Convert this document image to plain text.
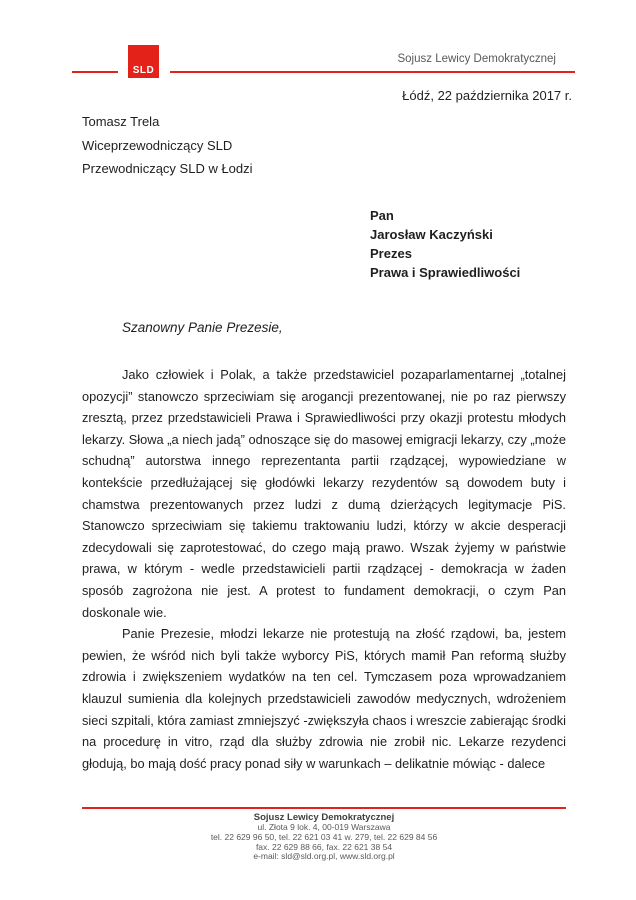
SLD
Sojusz Lewicy Demokratycznej
Łódź, 22 października 2017 r.
Tomasz Trela
Wiceprzewodniczący SLD
Przewodniczący SLD w Łodzi
Pan
Jarosław Kaczyński
Prezes
Prawa i Sprawiedliwości
Szanowny Panie Prezesie,

Jako człowiek i Polak, a także przedstawiciel pozaparlamentarnej „totalnej opozycji” stanowczo sprzeciwiam się arogancji prezentowanej, nie po raz pierwszy zresztą, przez przedstawicieli Prawa i Sprawiedliwości przy okazji protestu młodych lekarzy. Słowa „a niech jadą” odnoszące się do masowej emigracji lekarzy, czy „może schudną” autorstwa innego reprezentanta partii rządzącej, wypowiedziane w kontekście przedłużającej się głodówki lekarzy rezydentów są dowodem buty i chamstwa prezentowanych przez ludzi z dumą dzierżących legitymacje PiS. Stanowczo sprzeciwiam się takiemu traktowaniu ludzi, którzy w akcie desperacji zdecydowali się zaprotestować, do czego mają prawo. Wszak żyjemy w państwie prawa, w którym - wedle przedstawicieli partii rządzącej - demokracja w żaden sposób zagrożona nie jest. A protest to fundament demokracji, o czym Pan doskonale wie.

Panie Prezesie, młodzi lekarze nie protestują na złość rządowi, ba, jestem pewien, że wśród nich byli także wyborcy PiS, których mamił Pan reformą służby zdrowia i zwiększeniem wydatków na ten cel. Tymczasem poza wprowadzaniem klauzul sumienia dla kolejnych przedstawicieli zawodów medycznych, wdrożeniem sieci szpitali, która zamiast zmniejszyć -zwiększyła chaos i wreszcie zabierając środki na procedurę in vitro, rząd dla służby zdrowia nie zrobił nic. Lekarze rezydenci głodują, bo mają dość pracy ponad siły w warunkach – delikatnie mówiąc - dalece

Sojusz Lewicy Demokratycznej
ul. Złota 9 lok. 4, 00-019 Warszawa
tel. 22 629 96 50, tel. 22 621 03 41 w. 279, tel. 22 629 84 56
fax. 22 629 88 66, fax. 22 621 38 54
e-mail: sld@sld.org.pl, www.sld.org.pl
